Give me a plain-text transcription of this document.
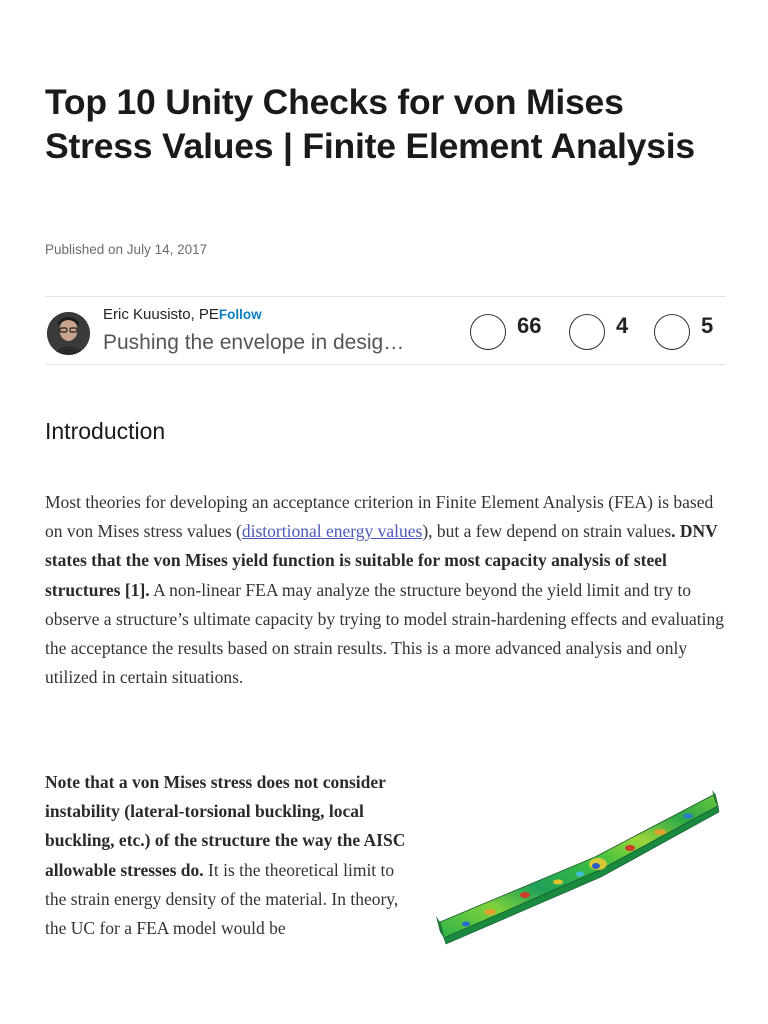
Top 10 Unity Checks for von Mises Stress Values | Finite Element Analysis
Published on July 14, 2017
Eric Kuusisto, PEFollow
Pushing the envelope in desig…
66	4	5
Introduction

Most theories for developing an acceptance criterion in Finite Element Analysis (FEA) is based on von Mises stress values (distortional energy values), but a few depend on strain values. DNV states that the von Mises yield function is suitable for most capacity analysis of steel structures [1]. A non-linear FEA may analyze the structure beyond the yield limit and try to observe a structure’s ultimate capacity by trying to model strain-hardening effects and evaluating the acceptance the results based on strain results. This is a more advanced analysis and only utilized in certain situations.

Note that a von Mises stress does not consider instability (lateral-torsional buckling, local buckling, etc.) of the structure the way the AISC allowable stresses do. It is the theoretical limit to the strain energy density of the material. In theory, the UC for a FEA model would be
